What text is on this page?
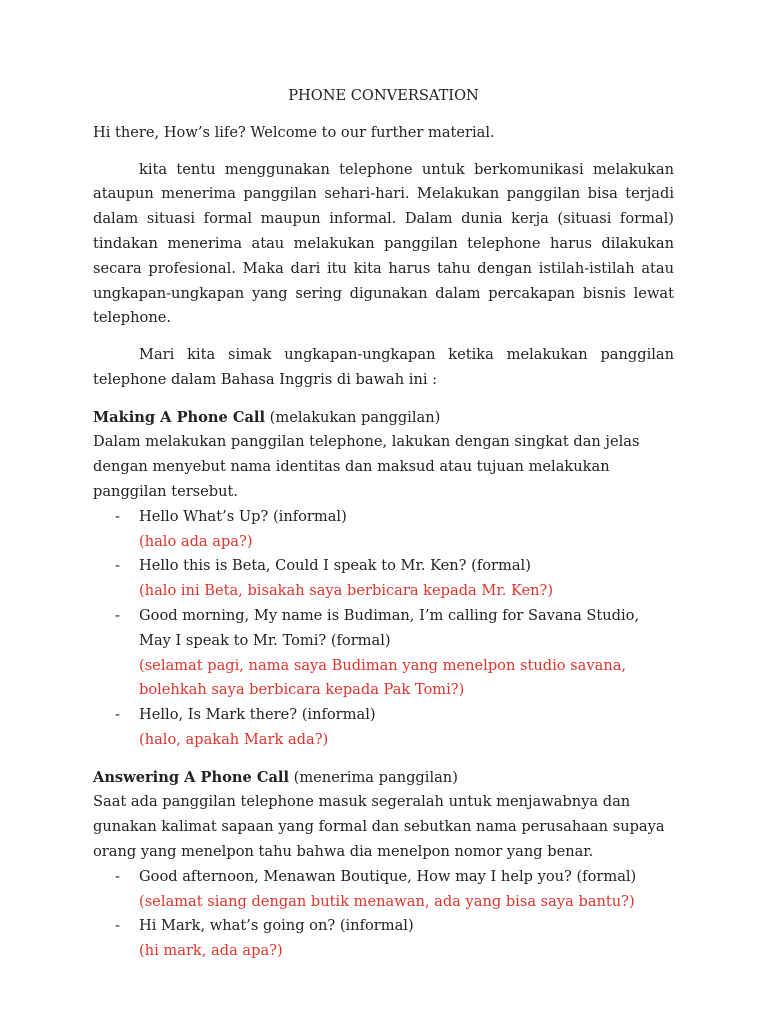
PHONE CONVERSATION

Hi there, How’s life? Welcome to our further material.

kita tentu menggunakan telephone untuk berkomunikasi melakukan ataupun menerima panggilan sehari-hari. Melakukan panggilan bisa terjadi dalam situasi formal maupun informal. Dalam dunia kerja (situasi formal) tindakan menerima atau melakukan panggilan telephone harus dilakukan secara profesional. Maka dari itu kita harus tahu dengan istilah-istilah atau ungkapan-ungkapan yang sering digunakan dalam percakapan bisnis lewat telephone.

Mari kita simak ungkapan-ungkapan ketika melakukan panggilan telephone dalam Bahasa Inggris di bawah ini :

Making A Phone Call (melakukan panggilan)

Dalam melakukan panggilan telephone, lakukan dengan singkat dan jelas dengan menyebut nama identitas dan maksud atau tujuan melakukan panggilan tersebut.

- Hello What’s Up? (informal)
(halo ada apa?)
- Hello this is Beta, Could I speak to Mr. Ken? (formal)
(halo ini Beta, bisakah saya berbicara kepada Mr. Ken?)
- Good morning, My name is Budiman, I’m calling for Savana Studio, May I speak to Mr. Tomi? (formal)
(selamat pagi, nama saya Budiman yang menelpon studio savana, bolehkah saya berbicara kepada Pak Tomi?)
- Hello, Is Mark there? (informal)
(halo, apakah Mark ada?)

Answering A Phone Call (menerima panggilan)

Saat ada panggilan telephone masuk segeralah untuk menjawabnya dan gunakan kalimat sapaan yang formal dan sebutkan nama perusahaan supaya orang yang menelpon tahu bahwa dia menelpon nomor yang benar.

- Good afternoon, Menawan Boutique, How may I help you? (formal)
(selamat siang dengan butik menawan, ada yang bisa saya bantu?)
- Hi Mark, what’s going on? (informal)
(hi mark, ada apa?)
